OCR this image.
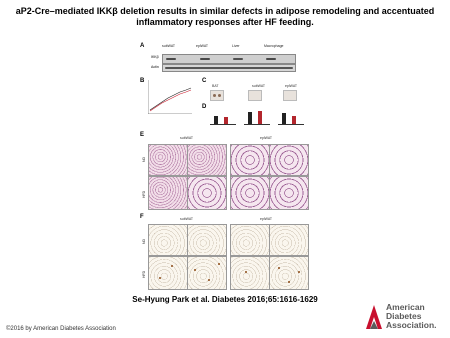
aP2-Cre–mediated IKKβ deletion results in similar defects in adipose remodeling and accentuated inflammatory responses after HF feeding.
A	subWAT	epiWAT	Liver	Macrophage
IKKβ
Actin
B	C
BAT	subWAT	epiWAT
D
E	subWAT	epiWAT
ND
HFD
F	subWAT	epiWAT
ND
HFD
Se-Hyung Park et al. Diabetes 2016;65:1616-1629
©2016 by American Diabetes Association
American
Diabetes
Association.
